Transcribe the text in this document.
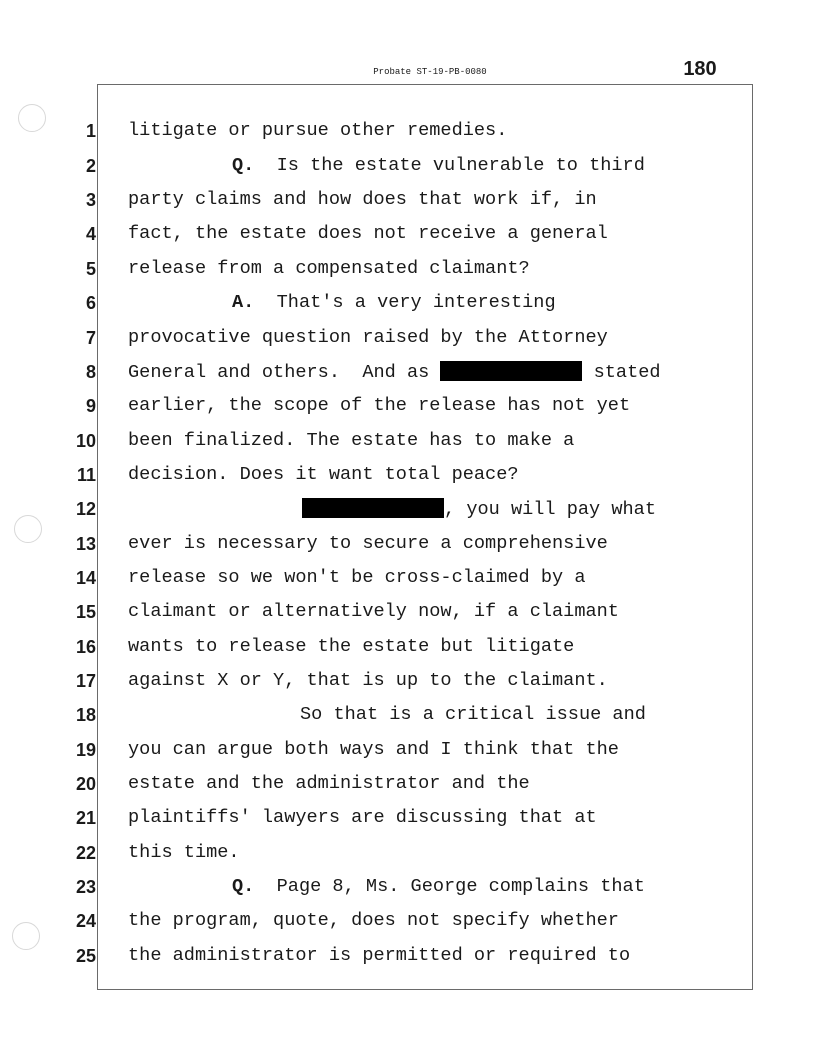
Probate ST-19-PB-0080	180
1
2
3
4
5
6
7
8
9
10
11
12
13
14
15
16
17
18
19
20
21
22
23
24
25
litigate or pursue other remedies.
Q.  Is the estate vulnerable to third
party claims and how does that work if, in
fact, the estate does not receive a general
release from a compensated claimant?
A.  That's a very interesting
provocative question raised by the Attorney
General and others.  And as	stated
earlier, the scope of the release has not yet
been finalized. The estate has to make a
decision. Does it want total peace?
, you will pay what
ever is necessary to secure a comprehensive
release so we won't be cross-claimed by a
claimant or alternatively now, if a claimant
wants to release the estate but litigate
against X or Y, that is up to the claimant.
So that is a critical issue and
you can argue both ways and I think that the
estate and the administrator and the
plaintiffs' lawyers are discussing that at
this time.
Q.  Page 8, Ms. George complains that
the program, quote, does not specify whether
the administrator is permitted or required to
